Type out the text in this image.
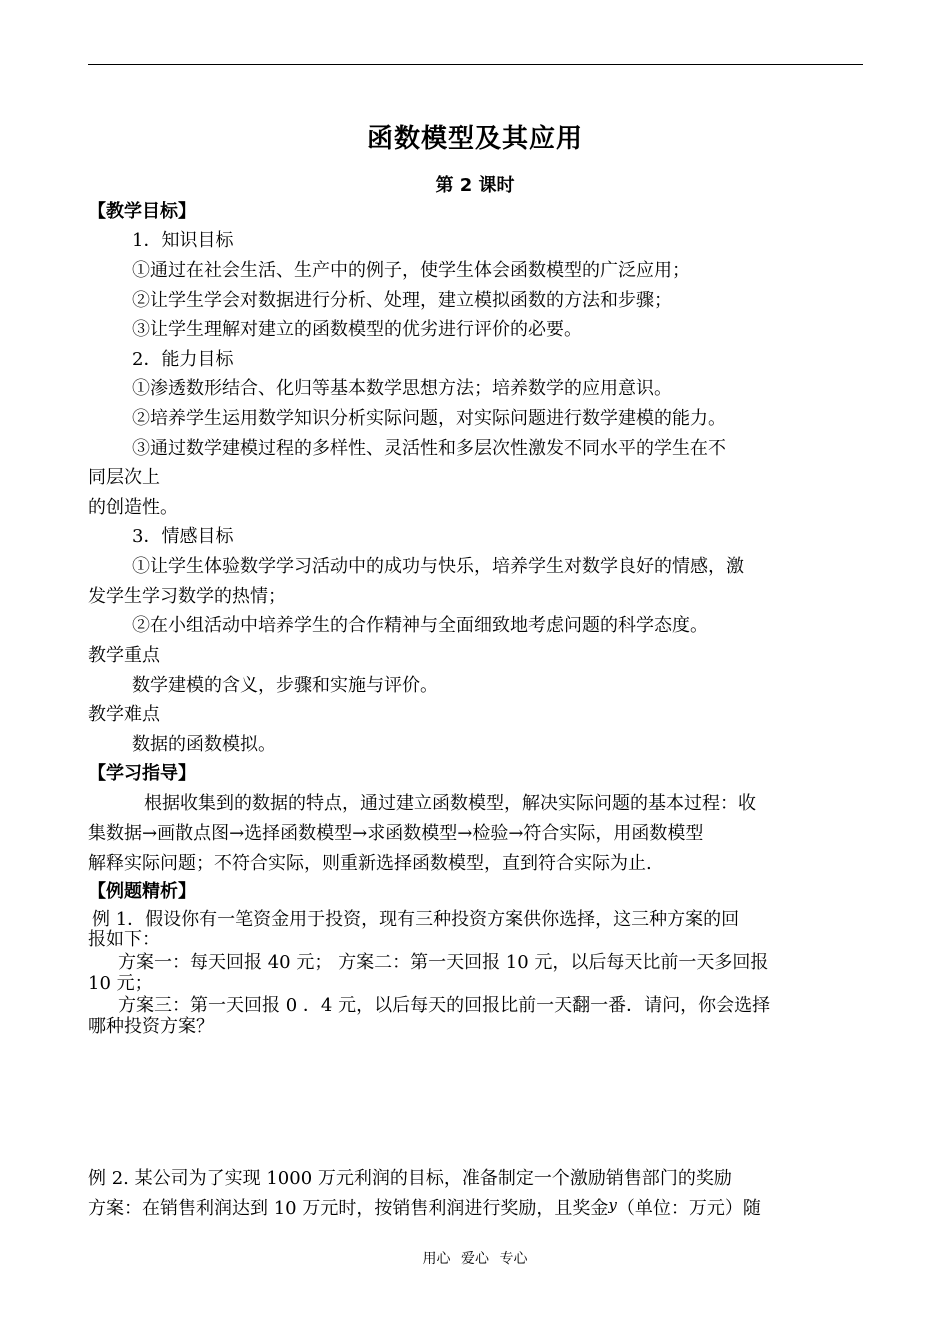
函数模型及其应用
第 2 课时
【教学目标】
1．知识目标
①通过在社会生活、生产中的例子，使学生体会函数模型的广泛应用；
②让学生学会对数据进行分析、处理，建立模拟函数的方法和步骤；
③让学生理解对建立的函数模型的优劣进行评价的必要。
2．能力目标
①渗透数形结合、化归等基本数学思想方法；培养数学的应用意识。
②培养学生运用数学知识分析实际问题，对实际问题进行数学建模的能力。
③通过数学建模过程的多样性、灵活性和多层次性激发不同水平的学生在不
同层次上
的创造性。
3．情感目标
①让学生体验数学学习活动中的成功与快乐，培养学生对数学良好的情感，激
发学生学习数学的热情；
②在小组活动中培养学生的合作精神与全面细致地考虑问题的科学态度。
教学重点
数学建模的含义，步骤和实施与评价。
教学难点
数据的函数模拟。
【学习指导】
根据收集到的数据的特点，通过建立函数模型，解决实际问题的基本过程：收
集数据→画散点图→选择函数模型→求函数模型→检验→符合实际，用函数模型
解释实际问题；不符合实际，则重新选择函数模型，直到符合实际为止.
【例题精析】
例 1．假设你有一笔资金用于投资，现有三种投资方案供你选择，这三种方案的回
报如下：
方案一：每天回报 40 元； 方案二：第一天回报 10 元，以后每天比前一天多回报
10 元；
方案三：第一天回报 0 ．4 元，以后每天的回报比前一天翻一番．请问，你会选择
哪种投资方案？
例 2. 某公司为了实现 1000 万元利润的目标，准备制定一个激励销售部门的奖励
方案：在销售利润达到 10 万元时，按销售利润进行奖励，且奖金$^y$（单位：万元）随
用心 爱心 专心
